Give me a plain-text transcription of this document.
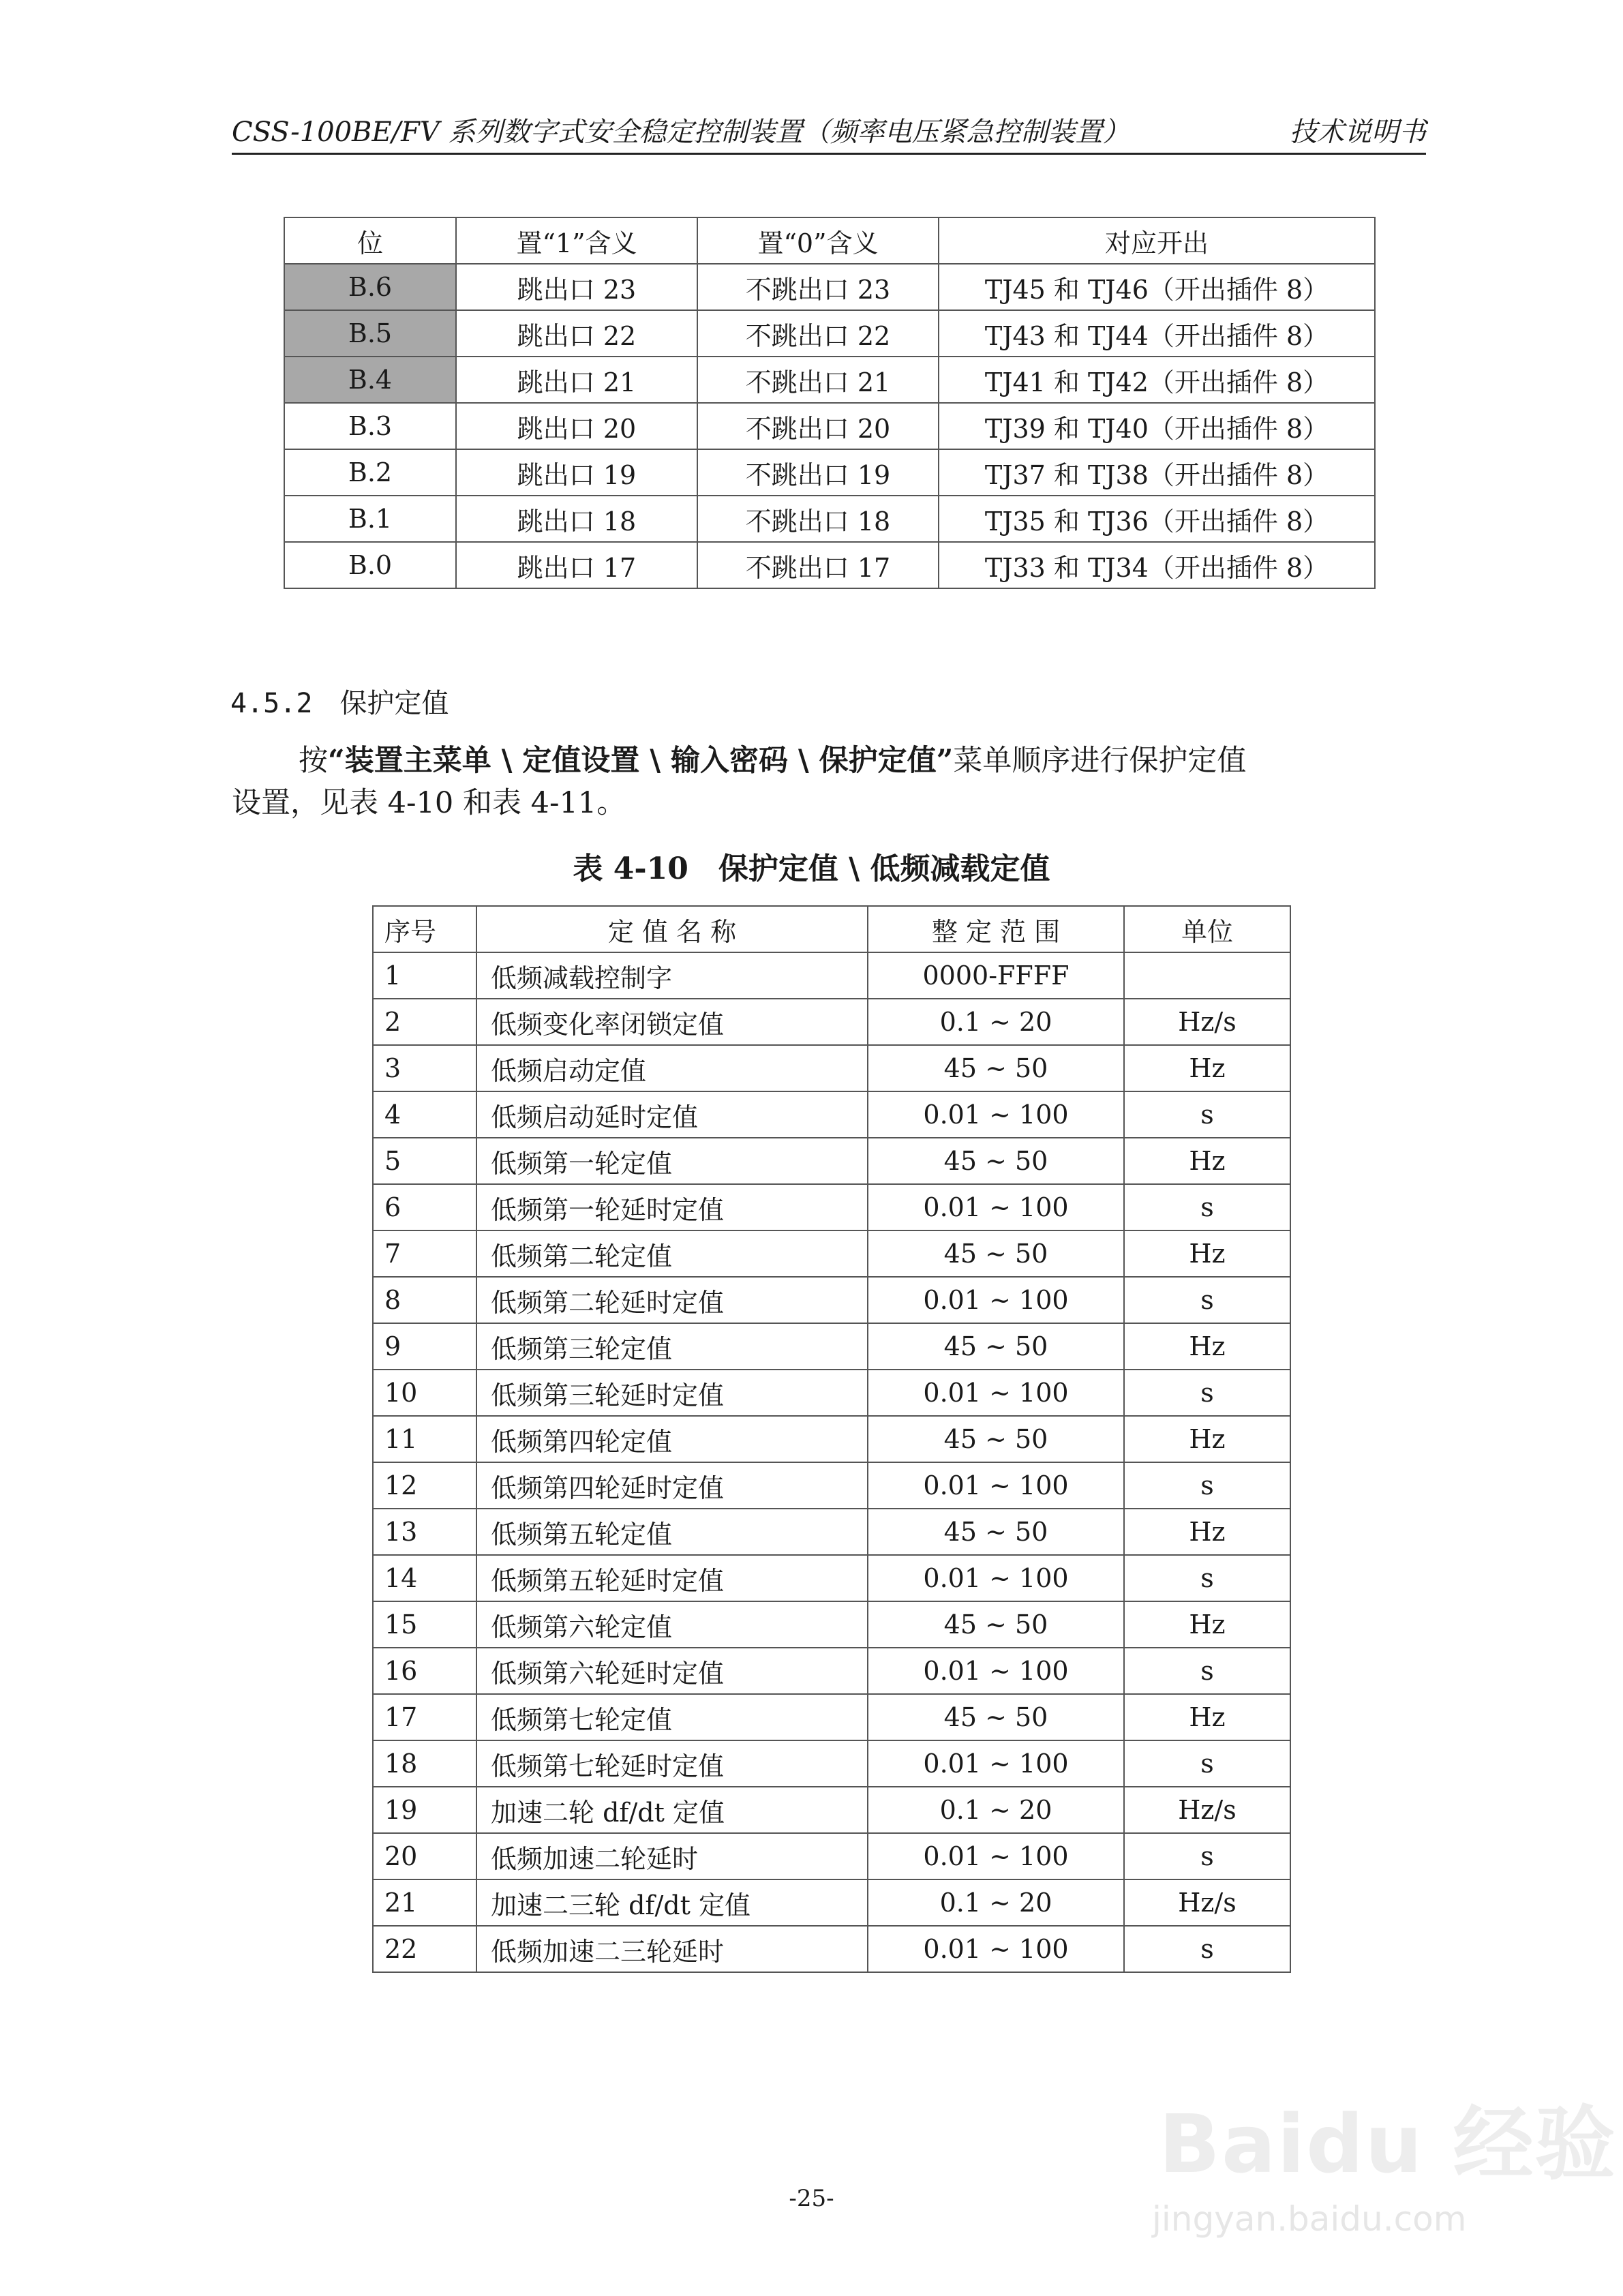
CSS-100BE/FV 系列数字式安全稳定控制装置（频率电压紧急控制装置）	技术说明书
位	置“1”含义	置“0”含义	对应开出
B.6	跳出口 23	不跳出口 23	TJ45 和 TJ46（开出插件 8）
B.5	跳出口 22	不跳出口 22	TJ43 和 TJ44（开出插件 8）
B.4	跳出口 21	不跳出口 21	TJ41 和 TJ42（开出插件 8）
B.3	跳出口 20	不跳出口 20	TJ39 和 TJ40（开出插件 8）
B.2	跳出口 19	不跳出口 19	TJ37 和 TJ38（开出插件 8）
B.1	跳出口 18	不跳出口 18	TJ35 和 TJ36（开出插件 8）
B.0	跳出口 17	不跳出口 17	TJ33 和 TJ34（开出插件 8）
4.5.2 保护定值
按“装置主菜单 \ 定值设置 \ 输入密码 \ 保护定值”菜单顺序进行保护定值
设置，见表 4-10 和表 4-11。
表 4-10　保护定值 \ 低频减载定值
序号	定 值 名 称	整 定 范 围	单位
1	低频减载控制字	0000-FFFF	
2	低频变化率闭锁定值	0.1 ~ 20	Hz/s
3	低频启动定值	45 ~ 50	Hz
4	低频启动延时定值	0.01 ~ 100	s
5	低频第一轮定值	45 ~ 50	Hz
6	低频第一轮延时定值	0.01 ~ 100	s
7	低频第二轮定值	45 ~ 50	Hz
8	低频第二轮延时定值	0.01 ~ 100	s
9	低频第三轮定值	45 ~ 50	Hz
10	低频第三轮延时定值	0.01 ~ 100	s
11	低频第四轮定值	45 ~ 50	Hz
12	低频第四轮延时定值	0.01 ~ 100	s
13	低频第五轮定值	45 ~ 50	Hz
14	低频第五轮延时定值	0.01 ~ 100	s
15	低频第六轮定值	45 ~ 50	Hz
16	低频第六轮延时定值	0.01 ~ 100	s
17	低频第七轮定值	45 ~ 50	Hz
18	低频第七轮延时定值	0.01 ~ 100	s
19	加速二轮 df/dt 定值	0.1 ~ 20	Hz/s
20	低频加速二轮延时	0.01 ~ 100	s
21	加速二三轮 df/dt 定值	0.1 ~ 20	Hz/s
22	低频加速二三轮延时	0.01 ~ 100	s
-25-
Baidu 经验
jingyan.baidu.com
